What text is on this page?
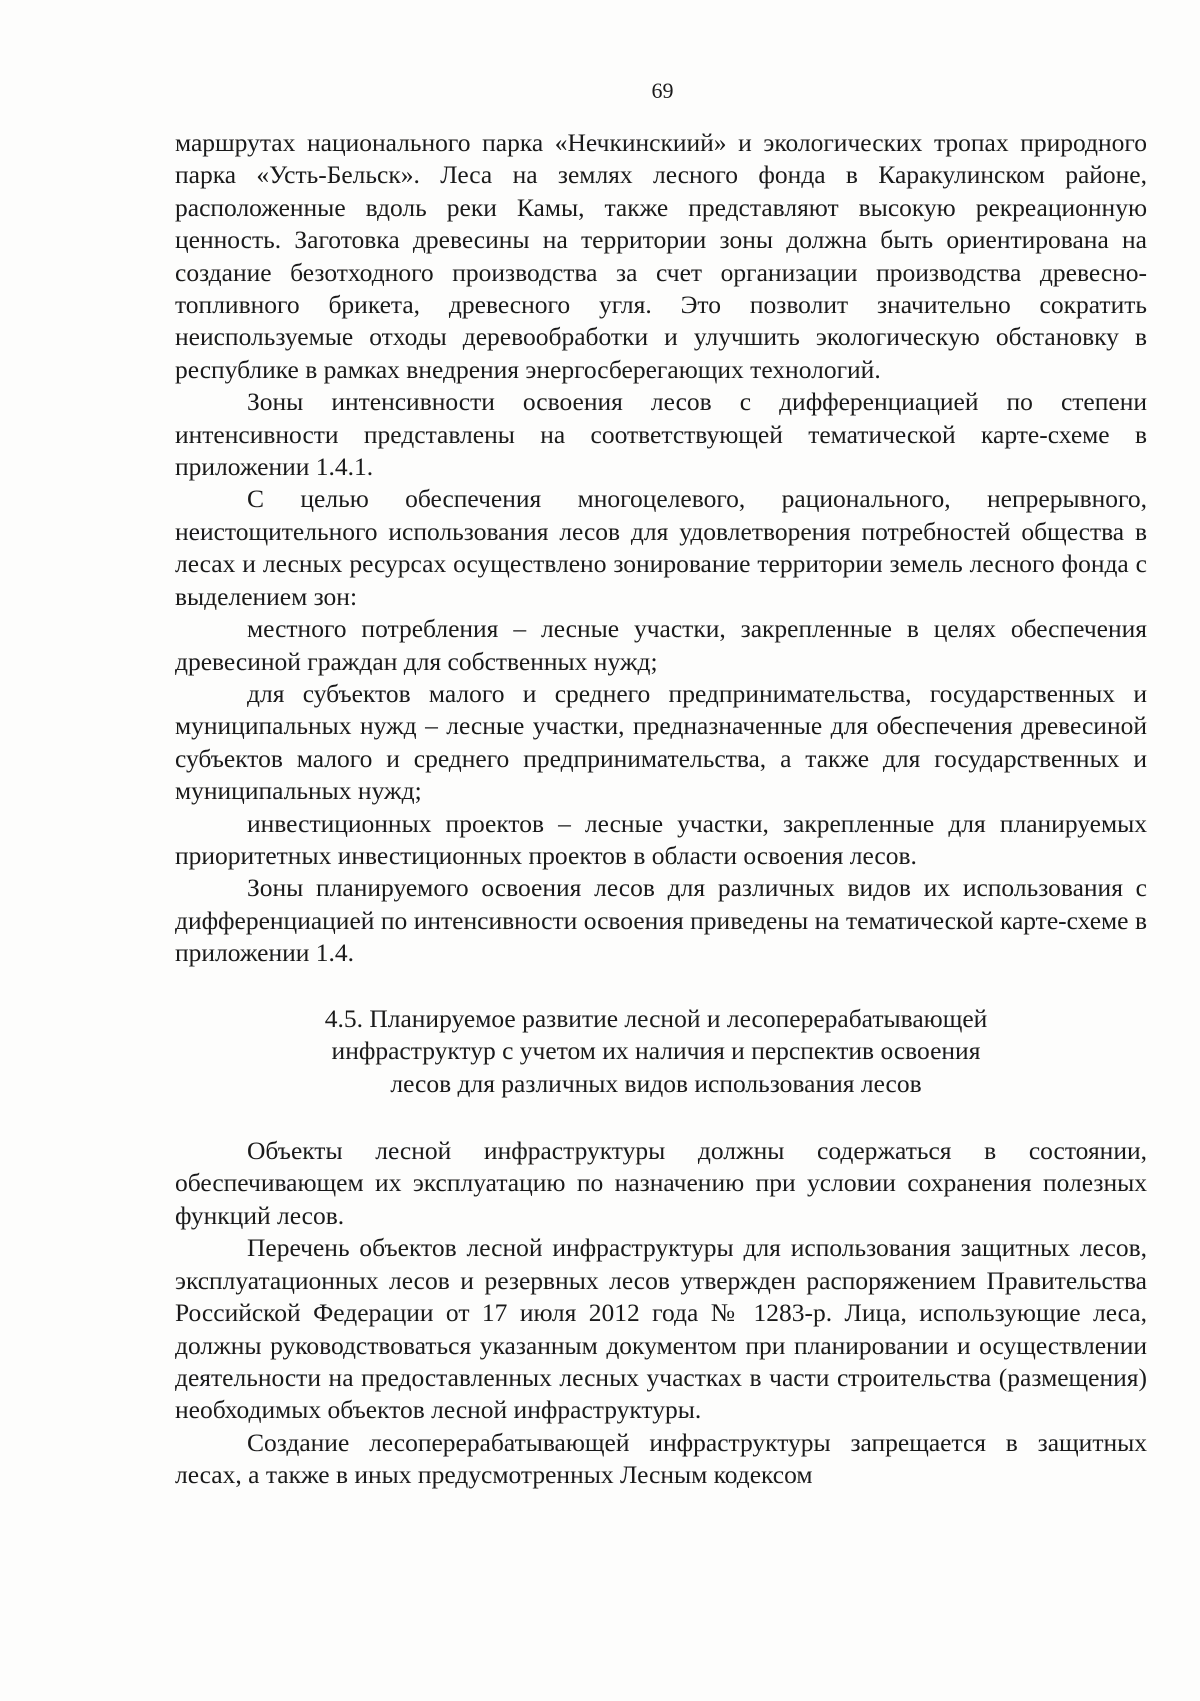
69

маршрутах национального парка «Нечкинскиий» и экологических тропах природного парка «Усть-Бельск». Леса на землях лесного фонда в Каракулинском районе, расположенные вдоль реки Камы, также представляют высокую рекреационную ценность. Заготовка древесины на территории зоны должна быть ориентирована на создание безотходного производства за счет организации производства древесно-топливного брикета, древесного угля. Это позволит значительно сократить неиспользуемые отходы деревообработки и улучшить экологическую обстановку в республике в рамках внедрения энергосберегающих технологий.

Зоны интенсивности освоения лесов с дифференциацией по степени интенсивности представлены на соответствующей тематической карте-схеме в приложении 1.4.1.

С целью обеспечения многоцелевого, рационального, непрерывного, неистощительного использования лесов для удовлетворения потребностей общества в лесах и лесных ресурсах осуществлено зонирование территории земель лесного фонда с выделением зон:

местного потребления – лесные участки, закрепленные в целях обеспечения древесиной граждан для собственных нужд;

для субъектов малого и среднего предпринимательства, государственных и муниципальных нужд – лесные участки, предназначенные для обеспечения древесиной субъектов малого и среднего предпринимательства, а также для государственных и муниципальных нужд;

инвестиционных проектов – лесные участки, закрепленные для планируемых приоритетных инвестиционных проектов в области освоения лесов.

Зоны планируемого освоения лесов для различных видов их использования с дифференциацией по интенсивности освоения приведены на тематической карте-схеме в приложении 1.4.

4.5. Планируемое развитие лесной и лесоперерабатывающей
инфраструктур с учетом их наличия и перспектив освоения
лесов для различных видов использования лесов

Объекты лесной инфраструктуры должны содержаться в состоянии, обеспечивающем их эксплуатацию по назначению при условии сохранения полезных функций лесов.

Перечень объектов лесной инфраструктуры для использования защитных лесов, эксплуатационных лесов и резервных лесов утвержден распоряжением Правительства Российской Федерации от 17 июля 2012 года № 1283-р. Лица, использующие леса, должны руководствоваться указанным документом при планировании и осуществлении деятельности на предоставленных лесных участках в части строительства (размещения) необходимых объектов лесной инфраструктуры.

Создание лесоперерабатывающей инфраструктуры запрещается в защитных лесах, а также в иных предусмотренных Лесным кодексом
